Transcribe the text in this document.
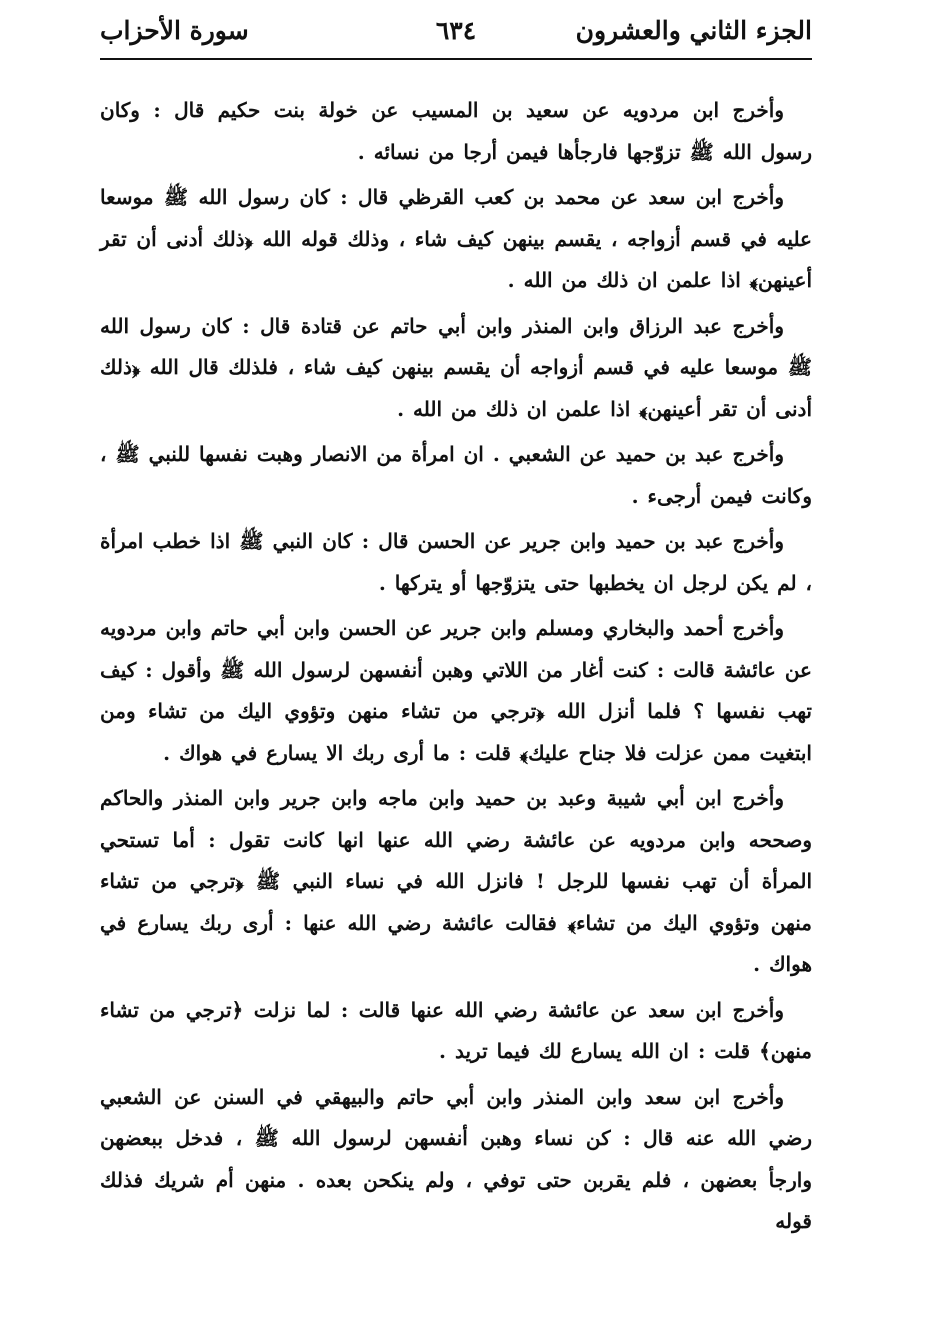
الجزء الثاني والعشرون
٦٣٤
سورة الأحزاب

وأخرج ابن مردويه عن سعيد بن المسيب عن خولة بنت حكيم قال : وكان رسول الله ﷺ تزوّجها فارجأها فيمن أرجا من نسائه .

وأخرج ابن سعد عن محمد بن كعب القرظي قال : كان رسول الله ﷺ موسعا عليه في قسم أزواجه ، يقسم بينهن كيف شاء ، وذلك قوله الله ﴿ذلك أدنى أن تقر أعينهن﴾ اذا علمن ان ذلك من الله .

وأخرج عبد الرزاق وابن المنذر وابن أبي حاتم عن قتادة قال : كان رسول الله ﷺ موسعا عليه في قسم أزواجه أن يقسم بينهن كيف شاء ، فلذلك قال الله ﴿ذلك أدنى أن تقر أعينهن﴾ اذا علمن ان ذلك من الله .

وأخرج عبد بن حميد عن الشعبي . ان امرأة من الانصار وهبت نفسها للنبي ﷺ ، وكانت فيمن أرجىء .

وأخرج عبد بن حميد وابن جرير عن الحسن قال : كان النبي ﷺ اذا خطب امرأة ، لم يكن لرجل ان يخطبها حتى يتزوّجها أو يتركها .

وأخرج أحمد والبخاري ومسلم وابن جرير عن الحسن وابن أبي حاتم وابن مردويه عن عائشة قالت : كنت أغار من اللاتي وهبن أنفسهن لرسول الله ﷺ وأقول : كيف تهب نفسها ؟ فلما أنزل الله ﴿ترجي من تشاء منهن وتؤوي اليك من تشاء ومن ابتغيت ممن عزلت فلا جناح عليك﴾ قلت : ما أرى ربك الا يسارع في هواك .

وأخرج ابن أبي شيبة وعبد بن حميد وابن ماجه وابن جرير وابن المنذر والحاكم وصححه وابن مردويه عن عائشة رضي الله عنها انها كانت تقول : أما تستحي المرأة أن تهب نفسها للرجل ! فانزل الله في نساء النبي ﷺ ﴿ترجي من تشاء منهن وتؤوي اليك من تشاء﴾ فقالت عائشة رضي الله عنها : أرى ربك يسارع في هواك .

وأخرج ابن سعد عن عائشة رضي الله عنها قالت : لما نزلت ﴿ترجي من تشاء منهن﴾ قلت : ان الله يسارع لك فيما تريد .

وأخرج ابن سعد وابن المنذر وابن أبي حاتم والبيهقي في السنن عن الشعبي رضي الله عنه قال : كن نساء وهبن أنفسهن لرسول الله ﷺ ، فدخل ببعضهن وارجأ بعضهن ، فلم يقربن حتى توفي ، ولم ينكحن بعده . منهن أم شريك فذلك قوله
